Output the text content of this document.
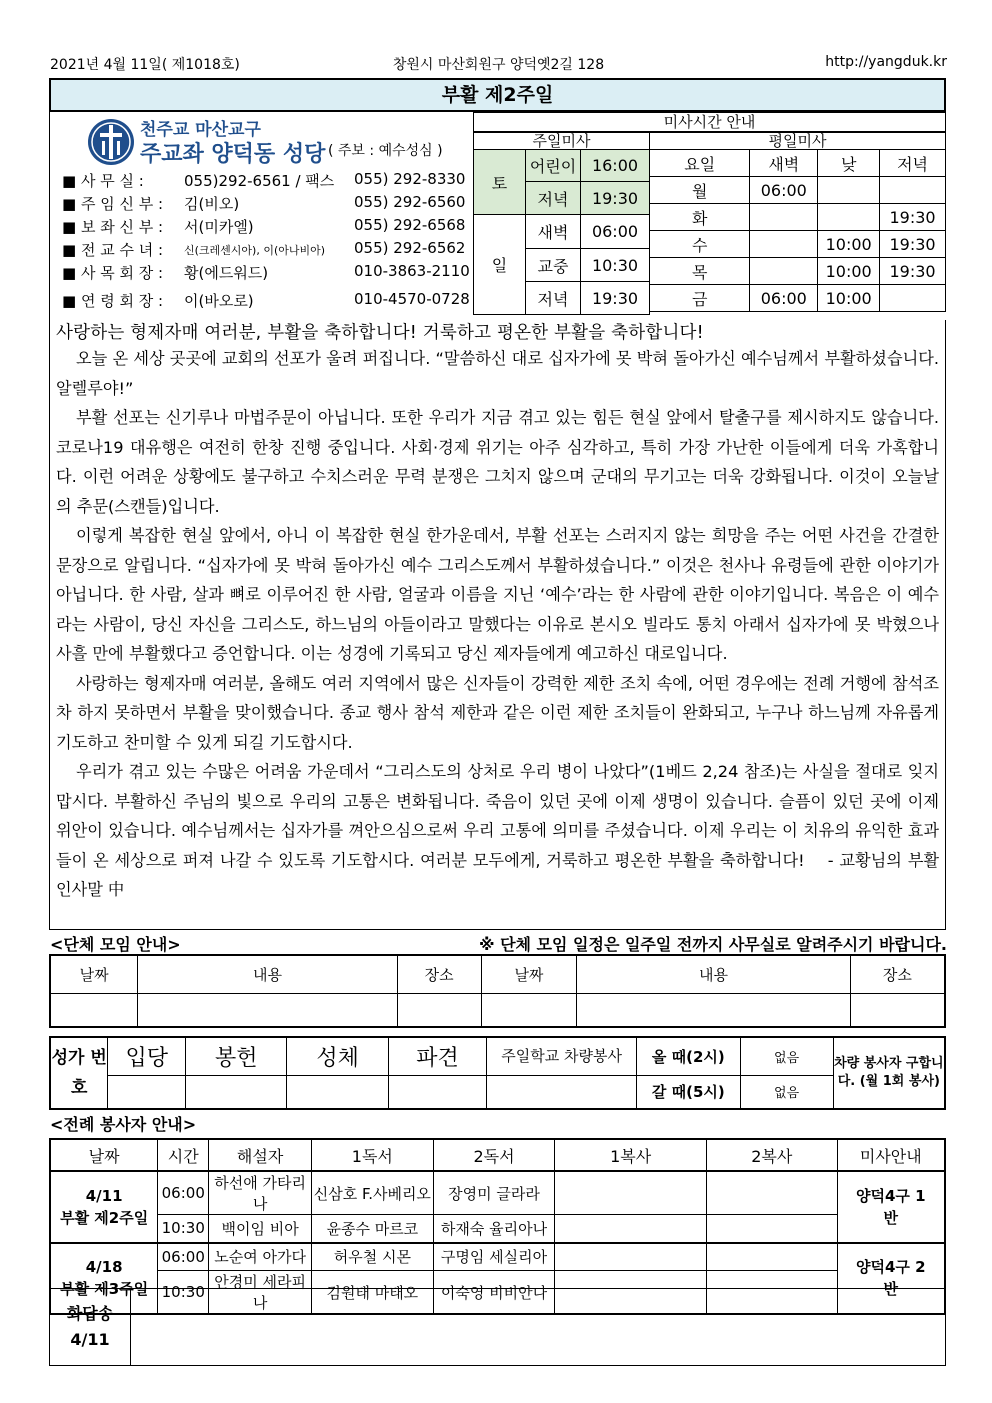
2021년 4월 11일( 제1018호)	창원시 마산회원구 양덕옛2길 128	http://yangduk.kr
부활 제2주일
천주교 마산교구
주교좌 양덕동 성당 ( 주보 : 예수성심 )
■ 사 무 실 :	055)292-6561 / 팩스 055) 292-8330
■ 주 임 신 부 : 김(비오)	055) 292-6560
■ 보 좌 신 부 : 서(미카엘)	055) 292-6568
■ 전 교 수 녀 : 신(크레센시아), 이(아나비아) 055) 292-6562
■ 사 목 회 장 : 황(에드워드)	010-3863-2110
■ 연 령 회 장 : 이(바오로)	010-4570-0728
미사시간 안내
주일미사		
토	어린이	16:00
	저녁	19:30
일	새벽	06:00
	교중	10:30
	저녁	19:30
평일미사			
요일	새벽	낮	저녁
월	06:00		
화			19:30
수		10:00	19:30
목		10:00	19:30
금	06:00	10:00	
사랑하는 형제자매 여러분, 부활을 축하합니다! 거룩하고 평온한 부활을 축하합니다!

오늘 온 세상 곳곳에 교회의 선포가 울려 퍼집니다. “말씀하신 대로 십자가에 못 박혀 돌아가신 예수님께서 부활하셨습니다. 알렐루야!”

부활 선포는 신기루나 마법주문이 아닙니다. 또한 우리가 지금 겪고 있는 힘든 현실 앞에서 탈출구를 제시하지도 않습니다. 코로나19 대유행은 여전히 한창 진행 중입니다. 사회·경제 위기는 아주 심각하고, 특히 가장 가난한 이들에게 더욱 가혹합니다. 이런 어려운 상황에도 불구하고 수치스러운 무력 분쟁은 그치지 않으며 군대의 무기고는 더욱 강화됩니다. 이것이 오늘날의 추문(스캔들)입니다.

이렇게 복잡한 현실 앞에서, 아니 이 복잡한 현실 한가운데서, 부활 선포는 스러지지 않는 희망을 주는 어떤 사건을 간결한 문장으로 알립니다. “십자가에 못 박혀 돌아가신 예수 그리스도께서 부활하셨습니다.” 이것은 천사나 유령들에 관한 이야기가 아닙니다. 한 사람, 살과 뼈로 이루어진 한 사람, 얼굴과 이름을 지닌 ‘예수’라는 한 사람에 관한 이야기입니다. 복음은 이 예수라는 사람이, 당신 자신을 그리스도, 하느님의 아들이라고 말했다는 이유로 본시오 빌라도 통치 아래서 십자가에 못 박혔으나 사흘 만에 부활했다고 증언합니다. 이는 성경에 기록되고 당신 제자들에게 예고하신 대로입니다.

사랑하는 형제자매 여러분, 올해도 여러 지역에서 많은 신자들이 강력한 제한 조치 속에, 어떤 경우에는 전례 거행에 참석조차 하지 못하면서 부활을 맞이했습니다. 종교 행사 참석 제한과 같은 이런 제한 조치들이 완화되고, 누구나 하느님께 자유롭게 기도하고 찬미할 수 있게 되길 기도합시다.

우리가 겪고 있는 수많은 어려움 가운데서 “그리스도의 상처로 우리 병이 나았다”(1베드 2,24 참조)는 사실을 절대로 잊지 맙시다. 부활하신 주님의 빛으로 우리의 고통은 변화됩니다. 죽음이 있던 곳에 이제 생명이 있습니다. 슬픔이 있던 곳에 이제 위안이 있습니다. 예수님께서는 십자가를 껴안으심으로써 우리 고통에 의미를 주셨습니다. 이제 우리는 이 치유의 유익한 효과들이 온 세상으로 퍼져 나갈 수 있도록 기도합시다. 여러분 모두에게, 거룩하고 평온한 부활을 축하합니다! - 교황님의 부활 인사말 中

<단체 모임 안내>	※ 단체 모임 일정은 일주일 전까지 사무실로 알려주시기 바랍니다.
날짜	내용	장소	날짜	내용	장소

성가 번호	입당	봉헌	성체	파견	주일학교 차량봉사	올 때(2시)	없음	차량 봉사자 구합니다. (월 1회 봉사)
						갈 때(5시)	없음	
<전례 봉사자 안내>
날짜	시간	해설자	1독서	2독서	1복사	2복사	미사안내
4/11
부활 제2주일	06:00	하선애 가타리나	신삼호 F.사베리오	장영미 글라라			양덕4구 1반
	10:30	백이임 비아	윤종수 마르코	하재숙 율리아나			
4/18
부활 제3주일	06:00	노순여 아가다	허우철 시몬	구명임 세실리아			양덕4구 2반
	10:30	안경미 세라피나	김원태 마태오	이숙영 비비안나			
화답송
4/11
